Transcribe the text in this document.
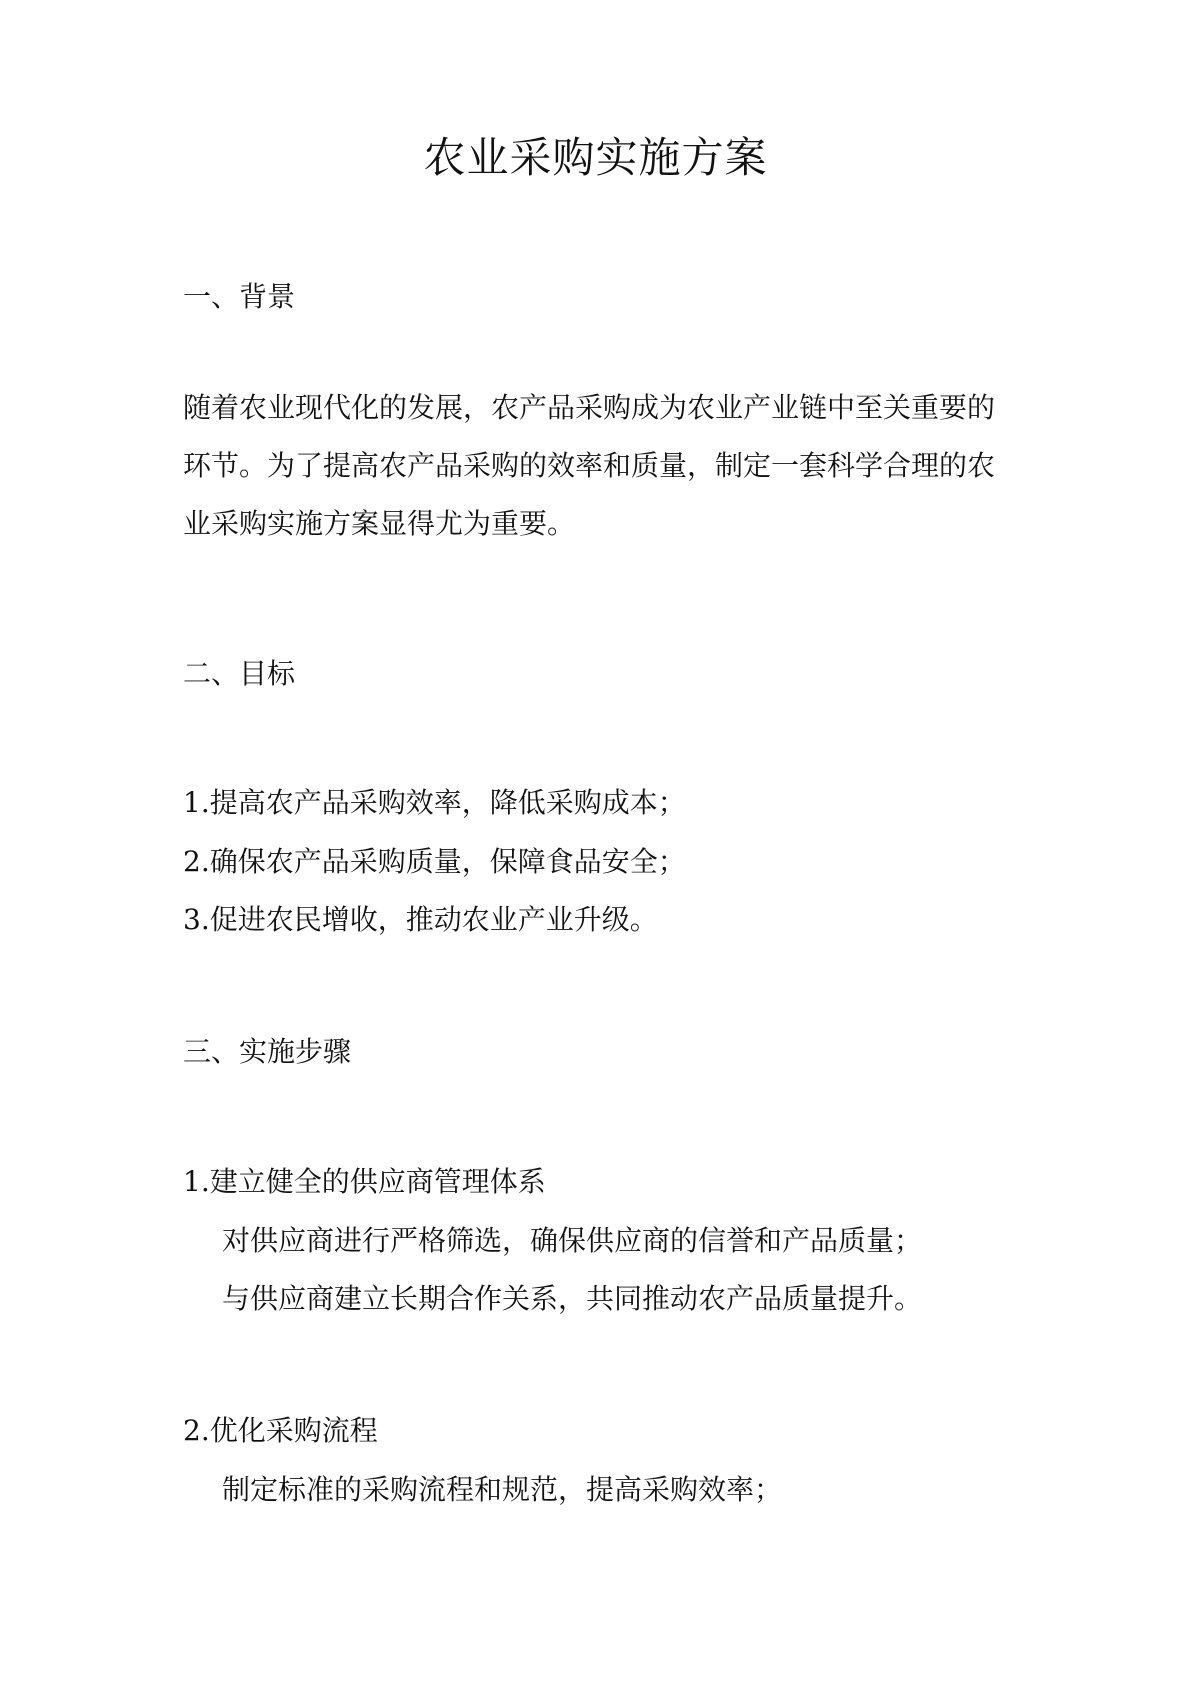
农业采购实施方案
一、背景
随着农业现代化的发展，农产品采购成为农业产业链中至关重要的
环节。为了提高农产品采购的效率和质量，制定一套科学合理的农
业采购实施方案显得尤为重要。
二、目标
1.提高农产品采购效率，降低采购成本；
2.确保农产品采购质量，保障食品安全；
3.促进农民增收，推动农业产业升级。
三、实施步骤
1.建立健全的供应商管理体系
对供应商进行严格筛选，确保供应商的信誉和产品质量；
与供应商建立长期合作关系，共同推动农产品质量提升。
2.优化采购流程
制定标准的采购流程和规范，提高采购效率；
